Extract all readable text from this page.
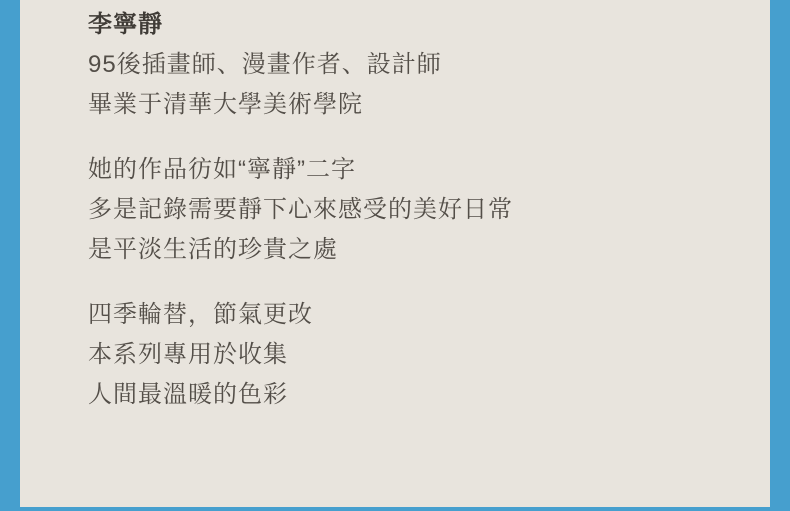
李寧靜
95後插畫師、漫畫作者、設計師
畢業于清華大學美術學院

她的作品彷如“寧靜”二字
多是記錄需要靜下心來感受的美好日常
是平淡生活的珍貴之處

四季輪替，節氣更改
本系列專用於收集
人間最溫暖的色彩
